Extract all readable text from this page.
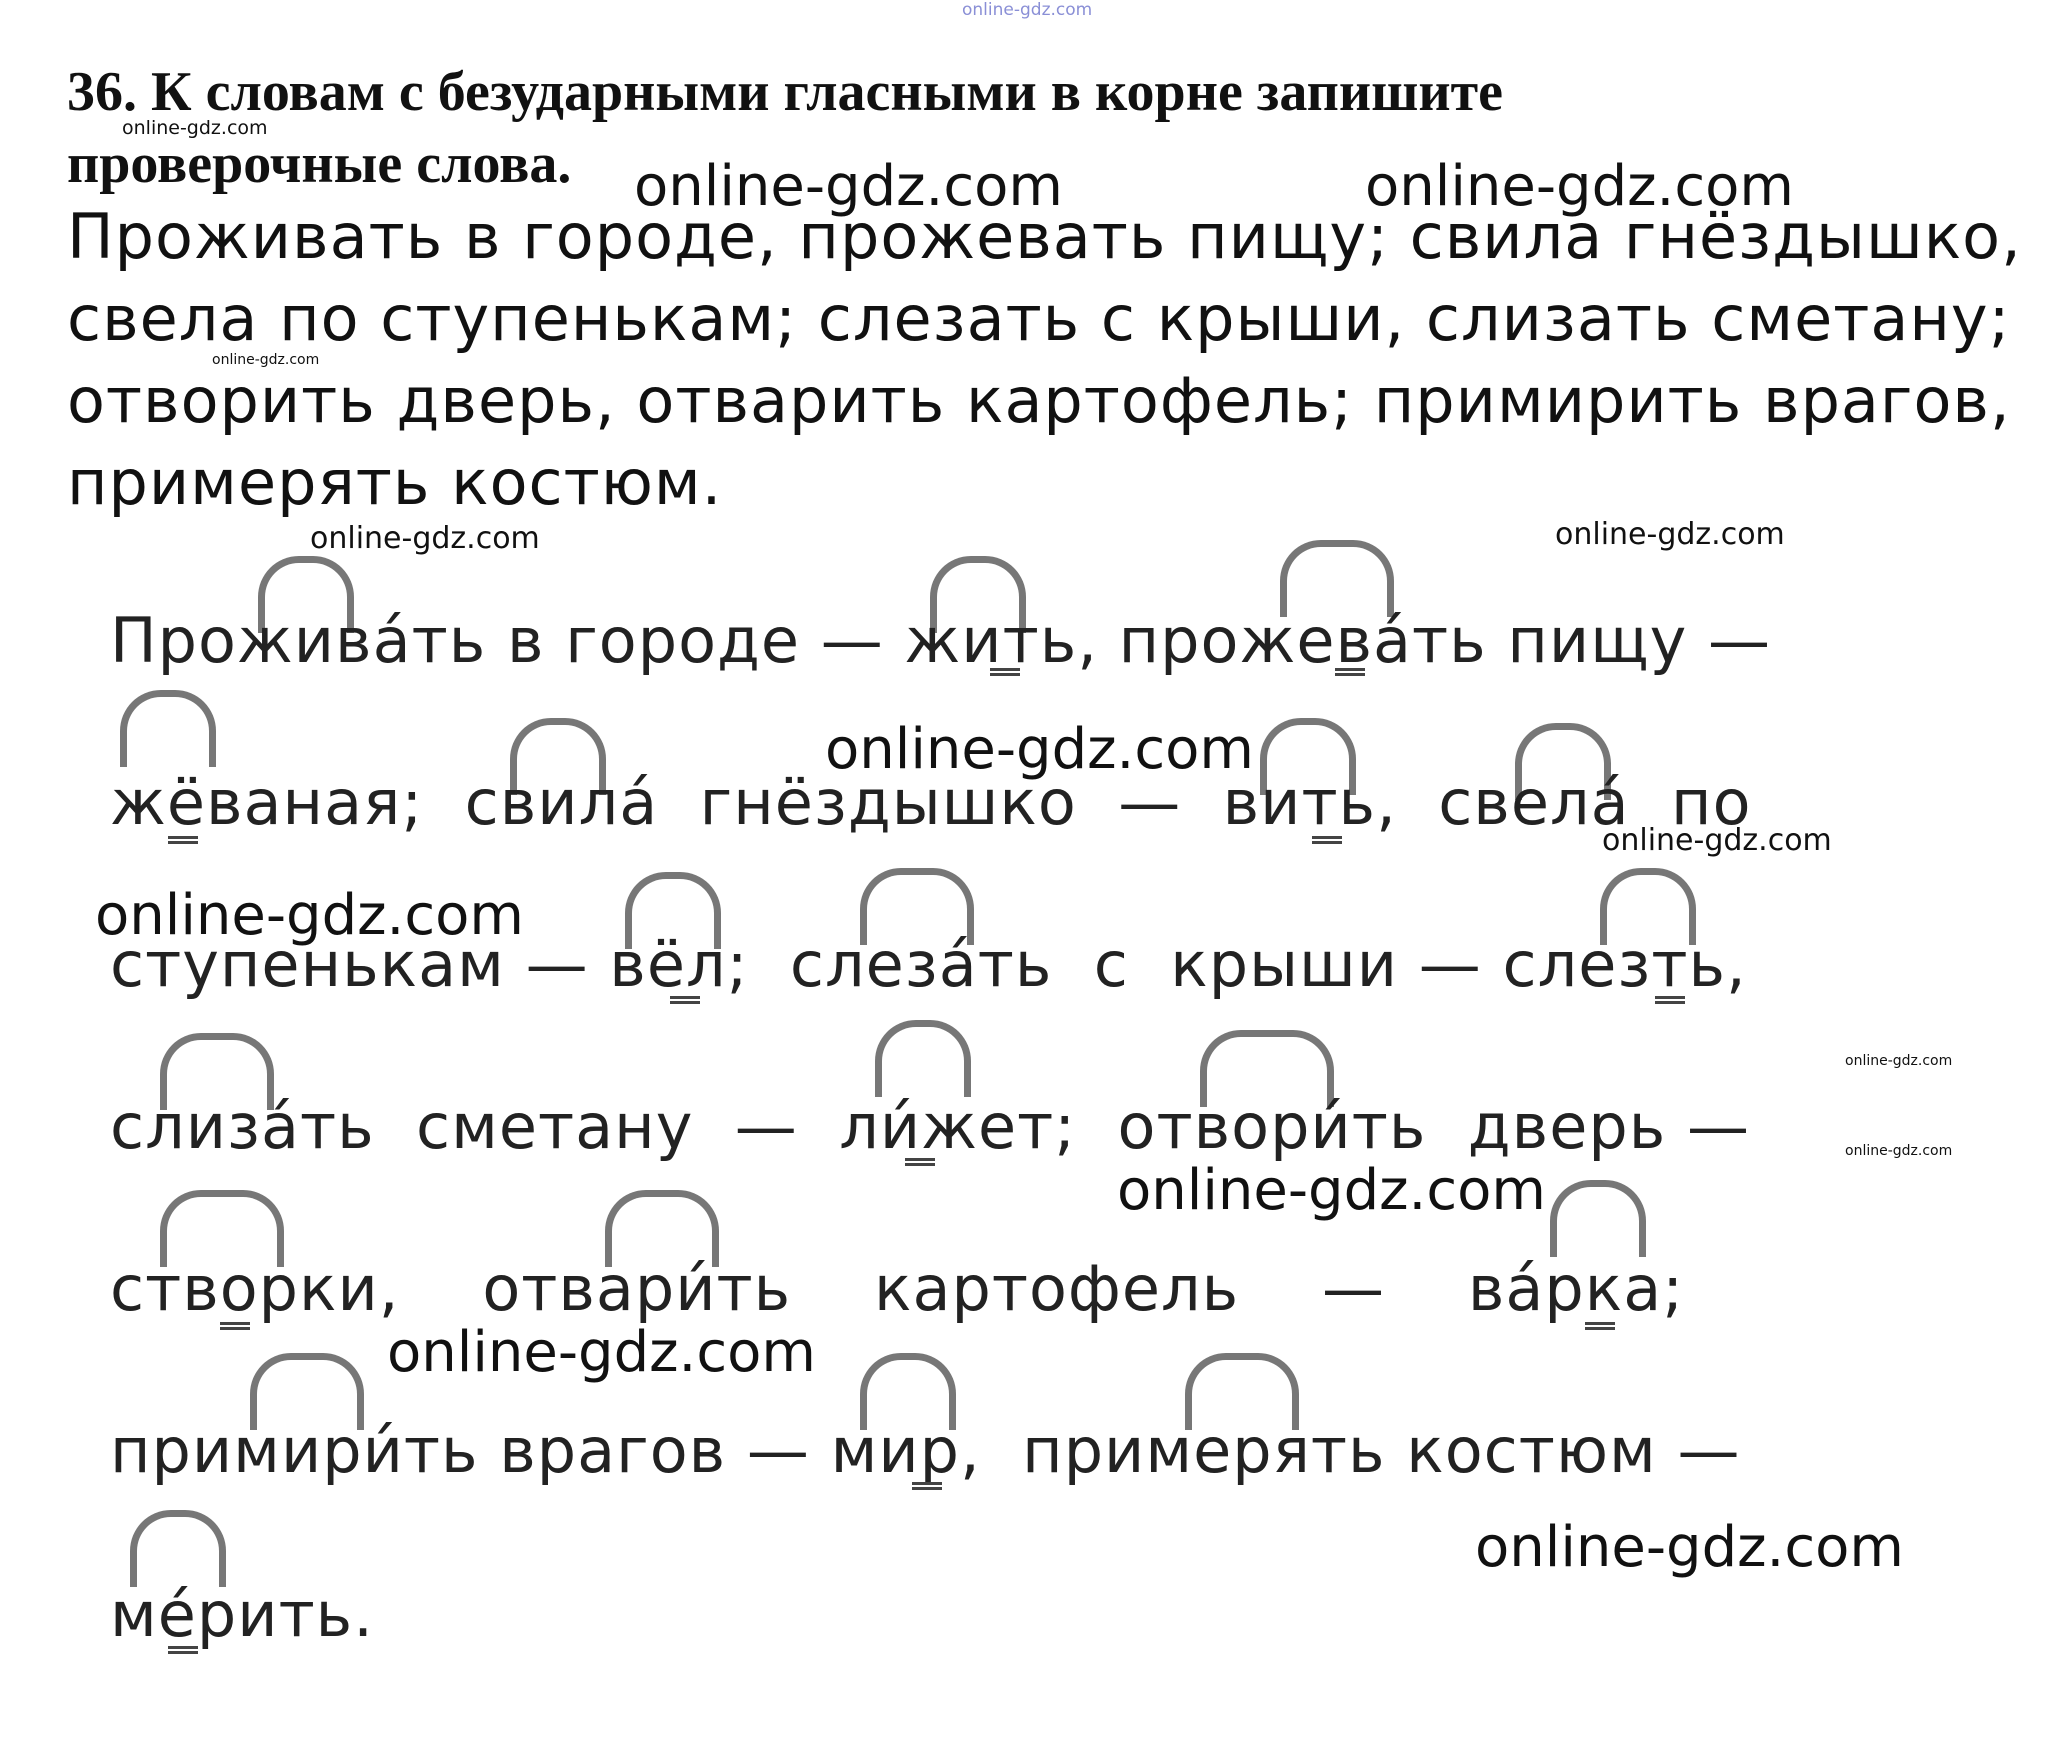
online-gdz.com
online-gdz.com
online-gdz.com	online-gdz.com
online-gdz.com
online-gdz.com	online-gdz.com
online-gdz.com
online-gdz.com
online-gdz.com
online-gdz.com
online-gdz.com
online-gdz.com
online-gdz.com
online-gdz.com
36. К словам с безударными гласными в корне запишите проверочные слова.

Проживать в городе, прожевать пищу; свила гнёздышко, свела по ступенькам; слезать с крыши, слизать сметану; отворить дверь, отварить картофель; примирить врагов, примерять костюм.

Прожива́ть в городе — жить, прожева́ть пищу —
жёваная;  свила́  гнёздышко  —  вить,  свела́  по
ступенькам — вёл;  слеза́ть  с  крыши — слезть,
слиза́ть  сметану  —  ли́жет;  отвори́ть  дверь —
створки,    отвари́ть    картофель    —    ва́рка;
примири́ть врагов — мир,  примерять костюм —
ме́рить.
